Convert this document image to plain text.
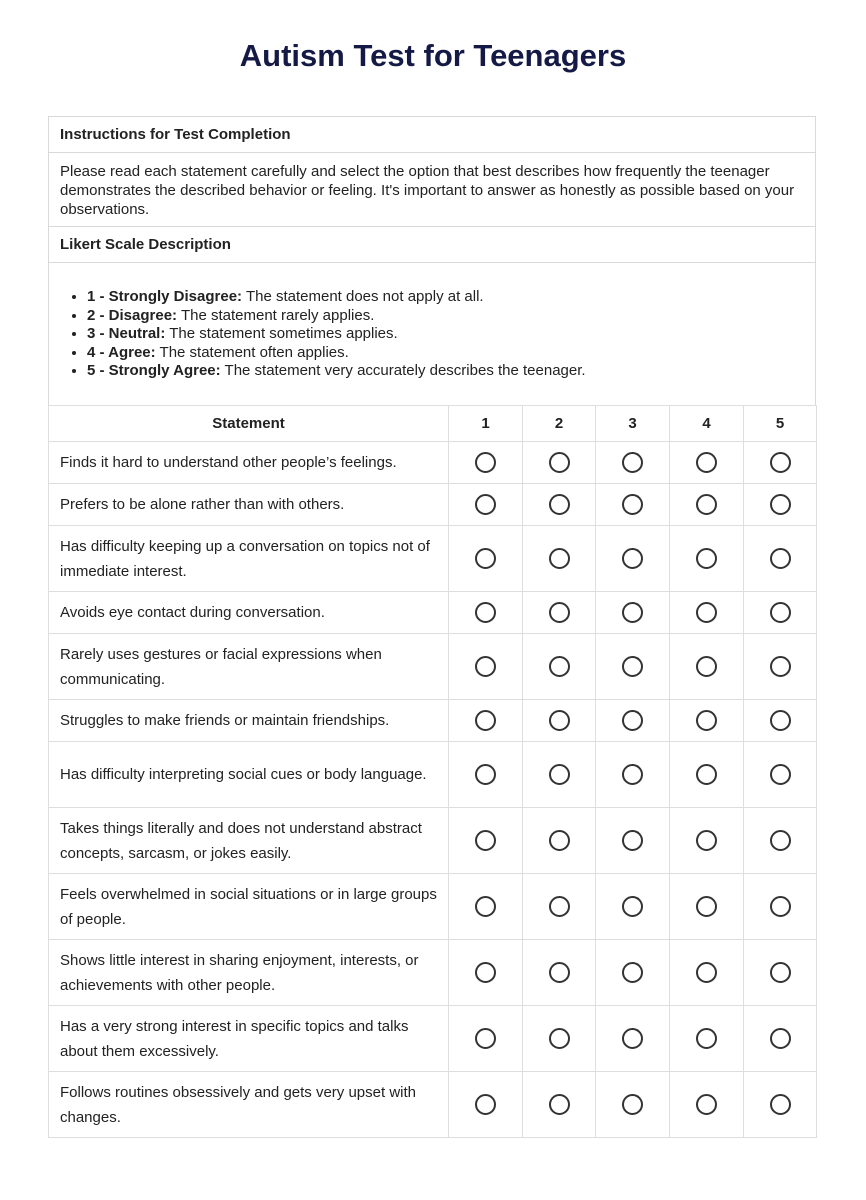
Autism Test for Teenagers
Instructions for Test Completion
Please read each statement carefully and select the option that best describes how frequently the teenager demonstrates the described behavior or feeling. It's important to answer as honestly as possible based on your observations.
Likert Scale Description
• 1 - Strongly Disagree: The statement does not apply at all.
• 2 - Disagree: The statement rarely applies.
• 3 - Neutral: The statement sometimes applies.
• 4 - Agree: The statement often applies.
• 5 - Strongly Agree: The statement very accurately describes the teenager.
Statement	1	2	3	4	5
Finds it hard to understand other people’s feelings.					
Prefers to be alone rather than with others.					
Has difficulty keeping up a conversation on topics not of immediate interest.					
Avoids eye contact during conversation.					
Rarely uses gestures or facial expressions when communicating.					
Struggles to make friends or maintain friendships.					
Has difficulty interpreting social cues or body language.					
Takes things literally and does not understand abstract concepts, sarcasm, or jokes easily.					
Feels overwhelmed in social situations or in large groups of people.					
Shows little interest in sharing enjoyment, interests, or achievements with other people.					
Has a very strong interest in specific topics and talks about them excessively.					
Follows routines obsessively and gets very upset with changes.					
